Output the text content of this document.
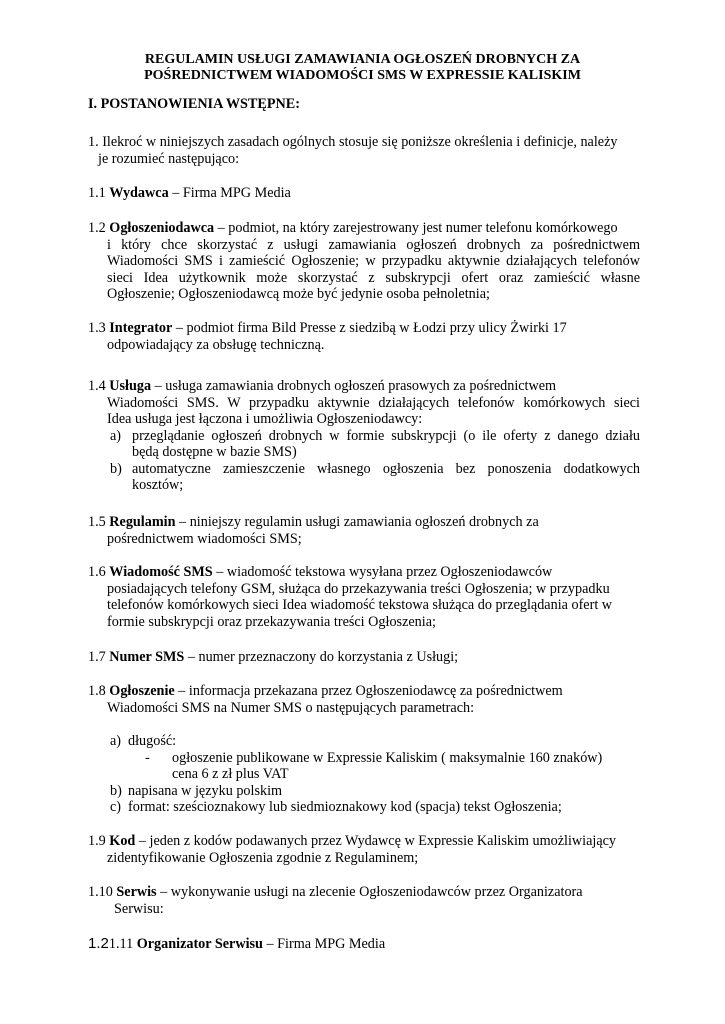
REGULAMIN USŁUGI ZAMAWIANIA OGŁOSZEŃ DROBNYCH ZA
POŚREDNICTWEM WIADOMOŚCI SMS W EXPRESSIE KALISKIM
I. POSTANOWIENIA WSTĘPNE:
1. Ilekroć w niniejszych zasadach ogólnych stosuje się poniższe określenia i definicje, należy
je rozumieć następująco:
1.1 Wydawca – Firma MPG Media
1.2 Ogłoszeniodawca – podmiot, na który zarejestrowany jest numer telefonu komórkowego
i który chce skorzystać z usługi zamawiania ogłoszeń drobnych za pośrednictwem
Wiadomości SMS i zamieścić Ogłoszenie; w przypadku aktywnie działających telefonów
sieci Idea użytkownik może skorzystać z subskrypcji ofert oraz zamieścić własne
Ogłoszenie; Ogłoszeniodawcą może być jedynie osoba pełnoletnia;
1.3 Integrator – podmiot firma Bild Presse z siedzibą w Łodzi przy ulicy Żwirki 17
odpowiadający za obsługę techniczną.
1.4 Usługa – usługa zamawiania drobnych ogłoszeń prasowych za pośrednictwem
Wiadomości SMS. W przypadku aktywnie działających telefonów komórkowych sieci
Idea usługa jest łączona i umożliwia Ogłoszeniodawcy:
a) przeglądanie ogłoszeń drobnych w formie subskrypcji (o ile oferty z danego działu
będą dostępne w bazie SMS)
b) automatyczne zamieszczenie własnego ogłoszenia bez ponoszenia dodatkowych
kosztów;
1.5 Regulamin – niniejszy regulamin usługi zamawiania ogłoszeń drobnych za
pośrednictwem wiadomości SMS;
1.6 Wiadomość SMS – wiadomość tekstowa wysyłana przez Ogłoszeniodawców
posiadających telefony GSM, służąca do przekazywania treści Ogłoszenia; w przypadku
telefonów komórkowych sieci Idea wiadomość tekstowa służąca do przeglądania ofert w
formie subskrypcji oraz przekazywania treści Ogłoszenia;
1.7 Numer SMS – numer przeznaczony do korzystania z Usługi;
1.8 Ogłoszenie – informacja przekazana przez Ogłoszeniodawcę za pośrednictwem
Wiadomości SMS na Numer SMS o następujących parametrach:
a) długość:
- ogłoszenie publikowane w Expressie Kaliskim ( maksymalnie 160 znaków)
cena 6 z zł plus VAT
b) napisana w języku polskim
c) format: sześcioznakowy lub siedmioznakowy kod (spacja) tekst Ogłoszenia;
1.9 Kod – jeden z kodów podawanych przez Wydawcę w Expressie Kaliskim umożliwiający
zidentyfikowanie Ogłoszenia zgodnie z Regulaminem;
1.10 Serwis – wykonywanie usługi na zlecenie Ogłoszeniodawców przez Organizatora
Serwisu:
1.21.11 Organizator Serwisu – Firma MPG Media
